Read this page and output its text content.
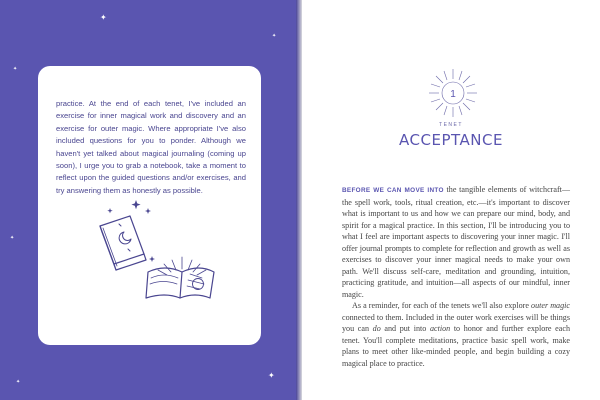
✦
✦
✦
✦
✦
✦

practice. At the end of each tenet, I've included an exercise for inner magical work and discovery and an exercise for outer magic. Where appropriate I've also included questions for you to ponder. Although we haven't yet talked about magical journaling (coming up soon), I urge you to grab a notebook, take a moment to reflect upon the guided questions and/or exercises, and try answering them as honestly as possible.

1
TENET
ACCEPTANCE

BEFORE WE CAN MOVE INTO the tangible elements of witchcraft—the spell work, tools, ritual creation, etc.—it's important to discover what is important to us and how we can prepare our mind, body, and spirit for a magical practice. In this section, I'll be introducing you to what I feel are important aspects to discovering your inner magic. I'll offer journal prompts to complete for reflection and growth as well as exercises to discover your inner magical needs to make your own path. We'll discuss self-care, meditation and grounding, intuition, practicing gratitude, and intuition—all aspects of our mindful, inner magic.

As a reminder, for each of the tenets we'll also explore outer magic connected to them. Included in the outer work exercises will be things you can do and put into action to honor and further explore each tenet. You'll complete meditations, practice basic spell work, make plans to meet other like-minded people, and begin building a cozy magical place to practice.
